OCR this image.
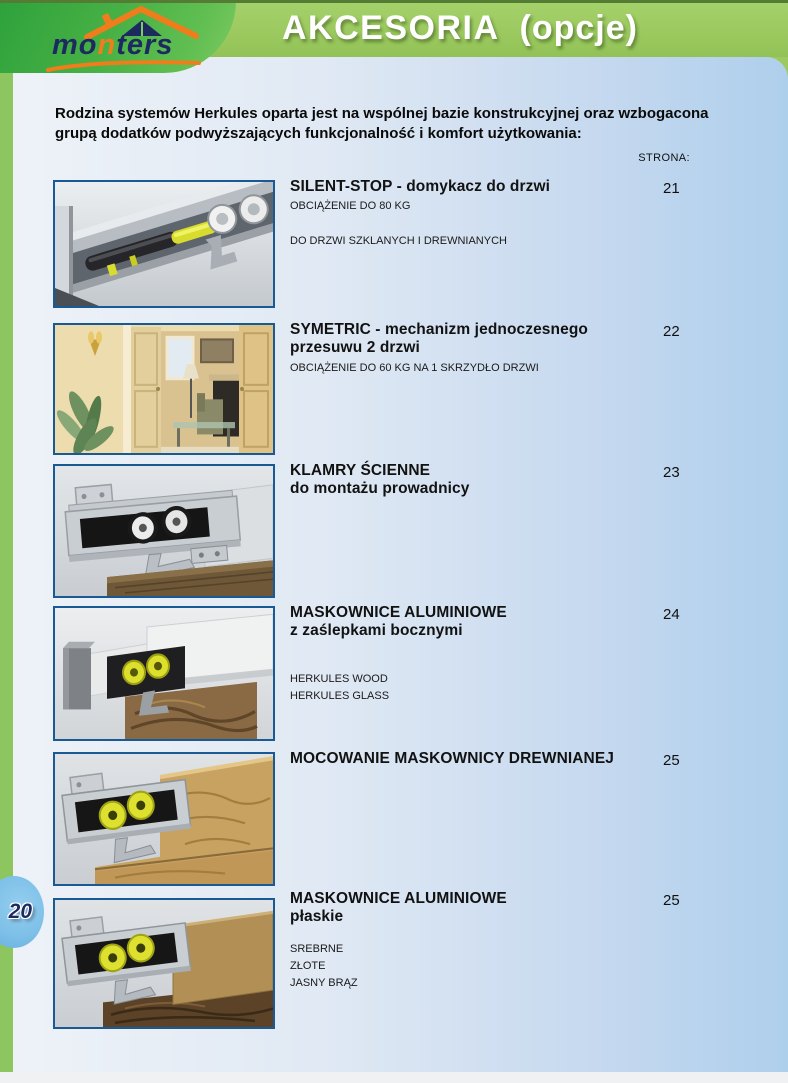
AKCESORIA (opcje)
monters
20
Rodzina systemów Herkules oparta jest na wspólnej bazie konstrukcyjnej oraz wzbogacona grupą dodatków podwyższających funkcjonalność i komfort użytkowania:
STRONA:
SILENT-STOP - domykacz do drzwi
OBCIĄŻENIE DO 80 KG
DO DRZWI SZKLANYCH I DREWNIANYCH
21
SYMETRIC - mechanizm jednoczesnego
przesuwu 2 drzwi
OBCIĄŻENIE DO 60 KG NA 1 SKRZYDŁO DRZWI
22
KLAMRY ŚCIENNE
do montażu prowadnicy
23
MASKOWNICE ALUMINIOWE
z zaślepkami bocznymi
HERKULES WOOD
HERKULES GLASS
24
MOCOWANIE MASKOWNICY DREWNIANEJ	25
MASKOWNICE ALUMINIOWE
płaskie
SREBRNE
ZŁOTE
JASNY BRĄZ
25
